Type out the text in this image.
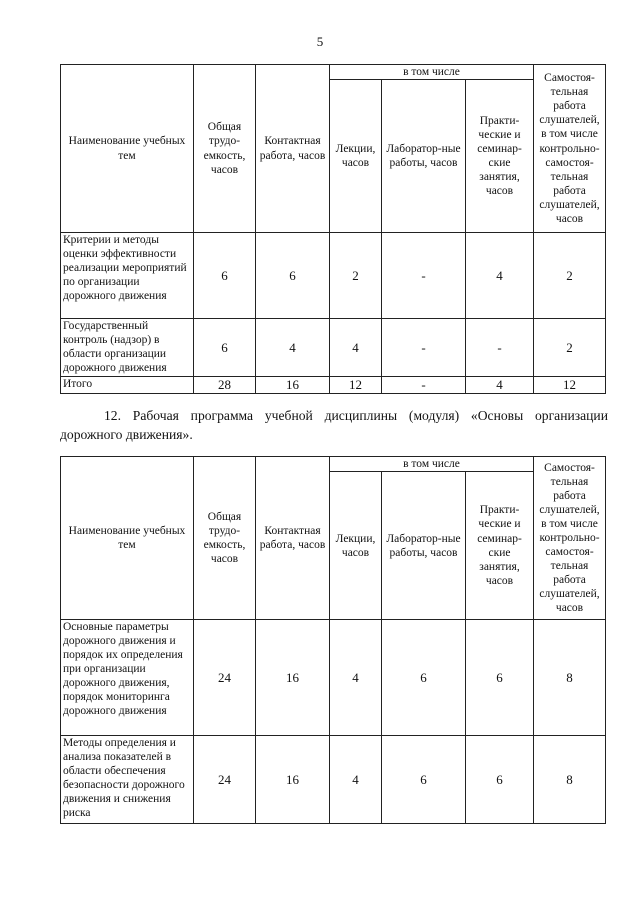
5
Наименование учебных тем	Общая трудо-емкость, часов	Контактная работа, часов	в том числе			Самостоя-тельная работа слушателей, в том числе контрольно-самостоя-тельная работа слушателей, часов
			Лекции, часов	Лаборатор-ные работы, часов	Практи-ческие и семинар-ские занятия, часов	
Критерии и методы оценки эффективности реализации мероприятий по организации дорожного движения	6	6	2	-	4	2
Государственный контроль (надзор) в области организации дорожного движения	6	4	4	-	-	2
Итого	28	16	12	-	4	12

12. Рабочая программа учебной дисциплины (модуля) «Основы организации
дорожного движения».

Наименование учебных тем	Общая трудо-емкость, часов	Контактная работа, часов	в том числе			Самостоя-тельная работа слушателей, в том числе контрольно-самостоя-тельная работа слушателей, часов
			Лекции, часов	Лаборатор-ные работы, часов	Практи-ческие и семинар-ские занятия, часов	
Основные параметры дорожного движения и порядок их определения при организации дорожного движения, порядок мониторинга дорожного движения	24	16	4	6	6	8
Методы определения и анализа показателей в области обеспечения безопасности дорожного движения и снижения риска	24	16	4	6	6	8
